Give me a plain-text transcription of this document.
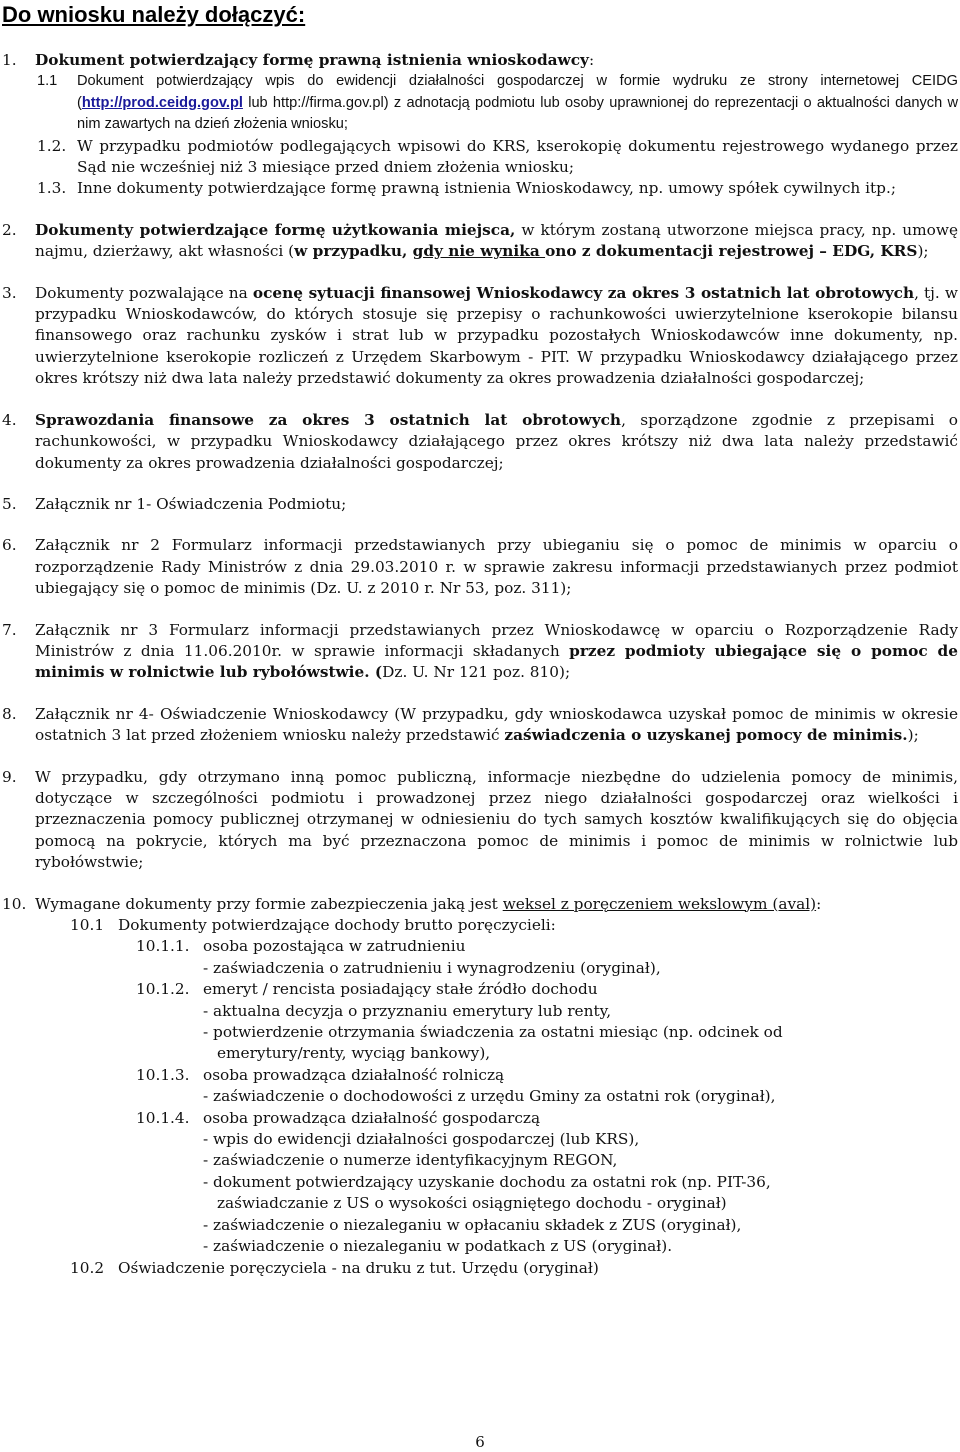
Do wniosku należy dołączyć:
1. Dokument potwierdzający formę prawną istnienia wnioskodawcy:
1.1 Dokument potwierdzający wpis do ewidencji działalności gospodarczej w formie wydruku ze strony internetowej CEIDG (http://prod.ceidg.gov.pl lub http://firma.gov.pl) z adnotacją podmiotu lub osoby uprawnionej do reprezentacji o aktualności danych w nim zawartych na dzień złożenia wniosku;
1.2. W przypadku podmiotów podlegających wpisowi do KRS, kserokopię dokumentu rejestrowego wydanego przez Sąd nie wcześniej niż 3 miesiące przed dniem złożenia wniosku;
1.3. Inne dokumenty potwierdzające formę prawną istnienia Wnioskodawcy, np. umowy spółek cywilnych itp.;
2. Dokumenty potwierdzające formę użytkowania miejsca, w którym zostaną utworzone miejsca pracy, np. umowę najmu, dzierżawy, akt własności (w przypadku, gdy nie wynika ono z dokumentacji rejestrowej – EDG, KRS);
3. Dokumenty pozwalające na ocenę sytuacji finansowej Wnioskodawcy za okres 3 ostatnich lat obrotowych, tj. w przypadku Wnioskodawców, do których stosuje się przepisy o rachunkowości uwierzytelnione kserokopie bilansu finansowego oraz rachunku zysków i strat lub w przypadku pozostałych Wnioskodawców inne dokumenty, np. uwierzytelnione kserokopie rozliczeń z Urzędem Skarbowym - PIT. W przypadku Wnioskodawcy działającego przez okres krótszy niż dwa lata należy przedstawić dokumenty za okres prowadzenia działalności gospodarczej;
4. Sprawozdania finansowe za okres 3 ostatnich lat obrotowych, sporządzone zgodnie z przepisami o rachunkowości, w przypadku Wnioskodawcy działającego przez okres krótszy niż dwa lata należy przedstawić dokumenty za okres prowadzenia działalności gospodarczej;
5. Załącznik nr 1- Oświadczenia Podmiotu;
6. Załącznik nr 2 Formularz informacji przedstawianych przy ubieganiu się o pomoc de minimis w oparciu o rozporządzenie Rady Ministrów z dnia 29.03.2010 r. w sprawie zakresu informacji przedstawianych przez podmiot ubiegający się o pomoc de minimis (Dz. U. z 2010 r. Nr 53, poz. 311);
7. Załącznik nr 3 Formularz informacji przedstawianych przez Wnioskodawcę w oparciu o Rozporządzenie Rady Ministrów z dnia 11.06.2010r. w sprawie informacji składanych przez podmioty ubiegające się o pomoc de minimis w rolnictwie lub rybołówstwie. (Dz. U. Nr 121 poz. 810);
8. Załącznik nr 4- Oświadczenie Wnioskodawcy (W przypadku, gdy wnioskodawca uzyskał pomoc de minimis w okresie ostatnich 3 lat przed złożeniem wniosku należy przedstawić zaświadczenia o uzyskanej pomocy de minimis.);
9. W przypadku, gdy otrzymano inną pomoc publiczną, informacje niezbędne do udzielenia pomocy de minimis, dotyczące w szczególności podmiotu i prowadzonej przez niego działalności gospodarczej oraz wielkości i przeznaczenia pomocy publicznej otrzymanej w odniesieniu do tych samych kosztów kwalifikujących się do objęcia pomocą na pokrycie, których ma być przeznaczona pomoc de minimis i pomoc de minimis w rolnictwie lub rybołówstwie;
10. Wymagane dokumenty przy formie zabezpieczenia jaką jest weksel z poręczeniem wekslowym (aval):
10.1 Dokumenty potwierdzające dochody brutto poręczycieli:
10.1.1. osoba pozostająca w zatrudnieniu
- zaświadczenia o zatrudnieniu i wynagrodzeniu (oryginał),
10.1.2. emeryt / rencista posiadający stałe źródło dochodu
- aktualna decyzja o przyznaniu emerytury lub renty,
- potwierdzenie otrzymania świadczenia za ostatni miesiąc (np. odcinek od
emerytury/renty, wyciąg bankowy),
10.1.3. osoba prowadząca działalność rolniczą
- zaświadczenie o dochodowości z urzędu Gminy za ostatni rok (oryginał),
10.1.4. osoba prowadząca działalność gospodarczą
- wpis do ewidencji działalności gospodarczej (lub KRS),
- zaświadczenie o numerze identyfikacyjnym REGON,
- dokument potwierdzający uzyskanie dochodu za ostatni rok (np. PIT-36,
zaświadczanie z US o wysokości osiągniętego dochodu - oryginał)
- zaświadczenie o niezaleganiu w opłacaniu składek z ZUS (oryginał),
- zaświadczenie o niezaleganiu w podatkach z US (oryginał).
10.2 Oświadczenie poręczyciela - na druku z tut. Urzędu (oryginał)
6
